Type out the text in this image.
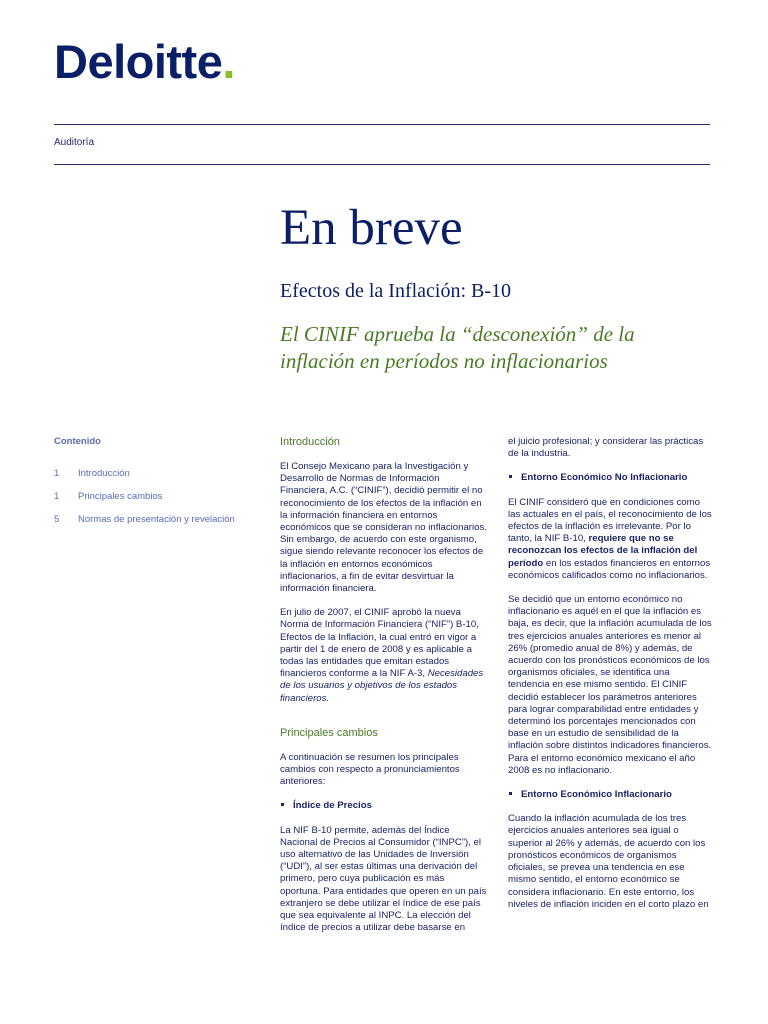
Deloitte.
Auditoría
En breve
Efectos de la Inflación: B-10
El CINIF aprueba la “desconexión” de la inflación en períodos no inflacionarios
Contenido
1	Introducción
1	Principales cambios
5	Normas de presentación y revelación

Introducción

El Consejo Mexicano para la Investigación y Desarrollo de Normas de Información Financiera, A.C. (“CINIF”), decidió permitir el no reconocimiento de los efectos de la inflación en la información financiera en entornos económicos que se consideran no inflacionarios. Sin embargo, de acuerdo con este organismo, sigue siendo relevante reconocer los efectos de la inflación en entornos económicos inflacionarios, a fin de evitar desvirtuar la información financiera.

En julio de 2007, el CINIF aprobó la nueva Norma de Información Financiera (“NIF”) B-10, Efectos de la Inflación, la cual entró en vigor a partir del 1 de enero de 2008 y es aplicable a todas las entidades que emitan estados financieros conforme a la NIF A-3, Necesidades de los usuarios y objetivos de los estados financieros.

Principales cambios

A continuación se resumen los principales cambios con respecto a pronunciamientos anteriores:

Índice de Precios

La NIF B-10 permite, además del Índice Nacional de Precios al Consumidor (“INPC”), el uso alternativo de las Unidades de Inversión (“UDI”), al ser estas últimas una derivación del primero, pero cuya publicación es más oportuna. Para entidades que operen en un país extranjero se debe utilizar el índice de ese país que sea equivalente al INPC. La elección del índice de precios a utilizar debe basarse en

el juicio profesional; y considerar las prácticas de la industria.

Entorno Económico No Inflacionario

El CINIF consideró que en condiciones como las actuales en el país, el reconocimiento de los efectos de la inflación es irrelevante. Por lo tanto, la NIF B-10, requiere que no se reconozcan los efectos de la inflación del período en los estados financieros en entornos económicos calificados como no inflacionarios.

Se decidió que un entorno económico no inflacionario es aquél en el que la inflación es baja, es decir, que la inflación acumulada de los tres ejercicios anuales anteriores es menor al 26% (promedio anual de 8%) y además, de acuerdo con los pronósticos económicos de los organismos oficiales, se identifica una tendencia en ese mismo sentido. El CINIF decidió establecer los parámetros anteriores para lograr comparabilidad entre entidades y determinó los porcentajes mencionados con base en un estudio de sensibilidad de la inflación sobre distintos indicadores financieros. Para el entorno económico mexicano el año 2008 es no inflacionario.

Entorno Económico Inflacionario

Cuando la inflación acumulada de los tres ejercicios anuales anteriores sea igual o superior al 26% y además, de acuerdo con los pronósticos económicos de organismos oficiales, se prevea una tendencia en ese mismo sentido, el entorno económico se considera inflacionario. En este entorno, los niveles de inflación inciden en el corto plazo en
